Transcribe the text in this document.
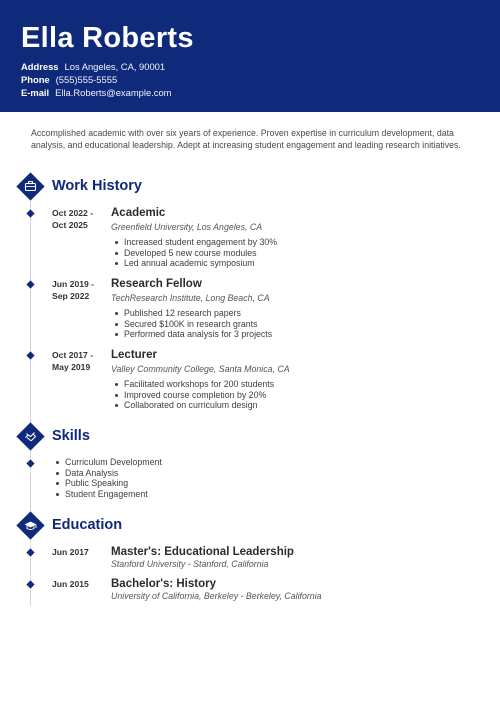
Ella Roberts
Address Los Angeles, CA, 90001
Phone (555)555-5555
E-mail Ella.Roberts@example.com
Accomplished academic with over six years of experience. Proven expertise in curriculum development, data analysis, and educational leadership. Adept at increasing student engagement and leading research initiatives.
Work History
Oct 2022 -
Oct 2025
Academic
Greenfield University, Los Angeles, CA
Increased student engagement by 30%
Developed 5 new course modules
Led annual academic symposium
Jun 2019 -
Sep 2022
Research Fellow
TechResearch Institute, Long Beach, CA
Published 12 research papers
Secured $100K in research grants
Performed data analysis for 3 projects
Oct 2017 -
May 2019
Lecturer
Valley Community College, Santa Monica, CA
Facilitated workshops for 200 students
Improved course completion by 20%
Collaborated on curriculum design
Skills
Curriculum Development
Data Analysis
Public Speaking
Student Engagement
Education
Jun 2017 Master's: Educational Leadership
Stanford University - Stanford, California
Jun 2015 Bachelor's: History
University of California, Berkeley - Berkeley, California
